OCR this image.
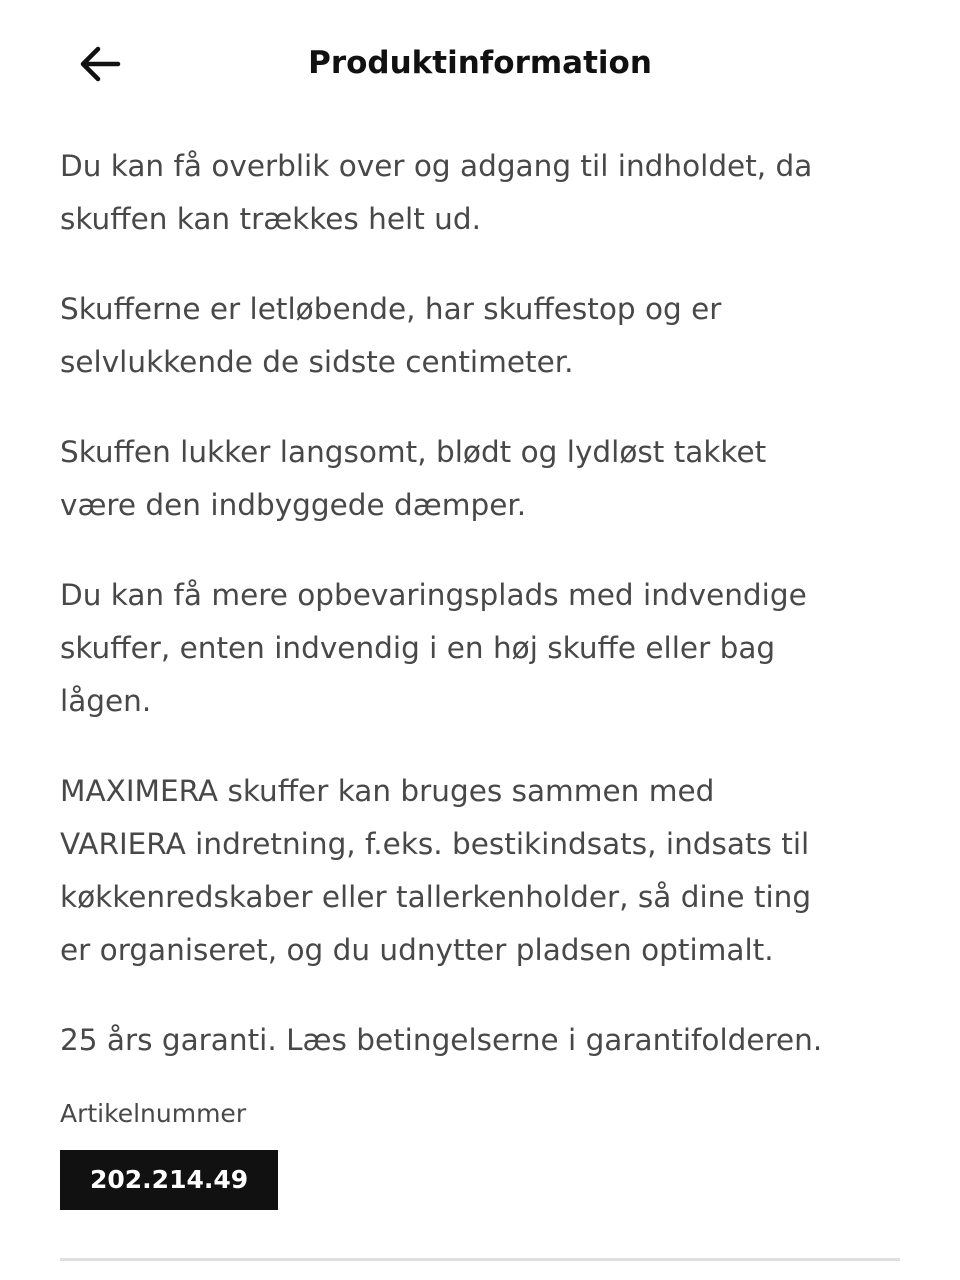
Produktinformation

Du kan få overblik over og adgang til indholdet, da
skuffen kan trækkes helt ud.

Skufferne er letløbende, har skuffestop og er
selvlukkende de sidste centimeter.

Skuffen lukker langsomt, blødt og lydløst takket
være den indbyggede dæmper.

Du kan få mere opbevaringsplads med indvendige
skuffer, enten indvendig i en høj skuffe eller bag
lågen.

MAXIMERA skuffer kan bruges sammen med
VARIERA indretning, f.eks. bestikindsats, indsats til
køkkenredskaber eller tallerkenholder, så dine ting
er organiseret, og du udnytter pladsen optimalt.

25 års garanti. Læs betingelserne i garantifolderen.

Artikelnummer
202.214.49
